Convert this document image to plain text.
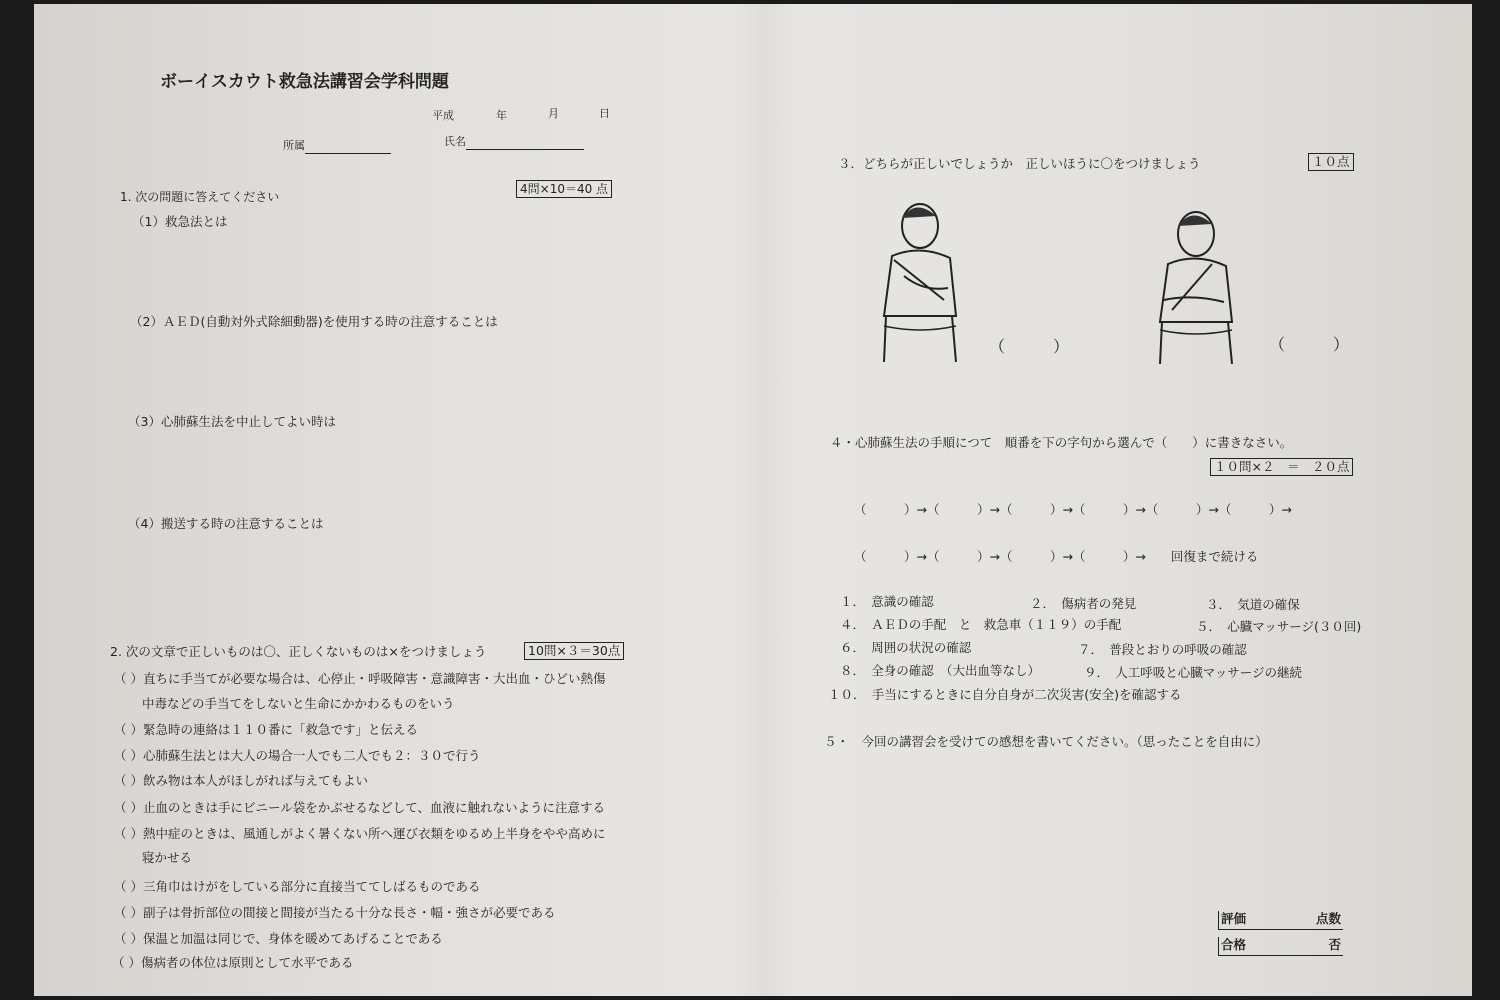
ボーイスカウト救急法講習会学科問題
平成	年	月	日
所属	氏名
1. 次の問題に答えてください
4問×10＝40 点
（1）救急法とは
（2）ＡＥＤ(自動対外式除細動器)を使用する時の注意することは
（3）心肺蘇生法を中止してよい時は
（4）搬送する時の注意することは
2. 次の文章で正しいものは〇、正しくないものは×をつけましょう	10問×３＝30点
（ ）直ちに手当てが必要な場合は、心停止・呼吸障害・意識障害・大出血・ひどい熱傷
中毒などの手当てをしないと生命にかかわるものをいう
（ ）緊急時の連絡は１１０番に「救急です」と伝える
（ ）心肺蘇生法とは大人の場合一人でも二人でも２：３０で行う
（ ）飲み物は本人がほしがれば与えてもよい
（ ）止血のときは手にビニール袋をかぶせるなどして、血液に触れないように注意する
（ ）熱中症のときは、風通しがよく暑くない所へ運び衣類をゆるめ上半身をやや高めに
寝かせる
（ ）三角巾はけがをしている部分に直接当ててしばるものである
（ ）副子は骨折部位の間接と間接が当たる十分な長さ・幅・強さが必要である
（ ）保温と加温は同じで、身体を暖めてあげることである
（ ）傷病者の体位は原則として水平である
３．どちらが正しいでしょうか　正しいほうに〇をつけましょう	１０点
（　　　）	（　　　）
４・心肺蘇生法の手順につて　順番を下の字句から選んで（　　）に書きなさい。
１０問×２　＝　２０点
（　　　）→（　　　）→（　　　）→（　　　）→（　　　）→（　　　）→
（　　　）→（　　　）→（　　　）→（　　　）→　　回復まで続ける
１．　意識の確認	２．　傷病者の発見	３．　気道の確保
４．　ＡＥＤの手配　と　救急車（１１９）の手配	５．　心臓マッサージ(３０回)
６．　周囲の状況の確認	７．　普段とおりの呼吸の確認
８．　全身の確認　（大出血等なし）	９．　人工呼吸と心臓マッサージの継続
１０．　手当にするときに自分自身が二次災害(安全)を確認する
５・　今回の講習会を受けての感想を書いてください。（思ったことを自由に）
評価	点数
合格	否
